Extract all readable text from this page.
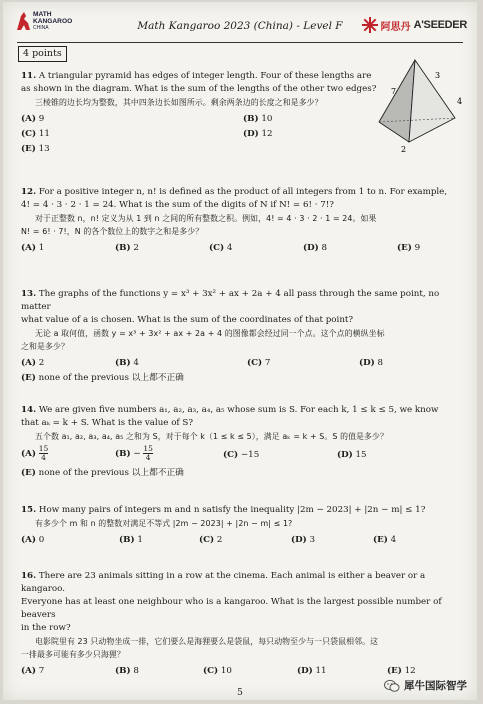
MATH
KANGAROO
CHINA	Math Kangaroo 2023 (China) - Level F	阿思丹 A'SEEDER
4 points
11. A triangular pyramid has edges of integer length. Four of these lengths are
as shown in the diagram. What is the sum of the lengths of the other two edges?
三棱锥的边长均为整数，其中四条边长如图所示。剩余两条边的长度之和是多少？
(A) 9	(B) 10
(C) 11	(D) 12
(E) 13
3
7
4
2
12. For a positive integer n, n! is defined as the product of all integers from 1 to n. For example,
4! = 4 · 3 · 2 · 1 = 24. What is the sum of the digits of N if N! = 6! · 7!?
对于正整数 n，n! 定义为从 1 到 n 之间的所有整数之积。例如，4! = 4 · 3 · 2 · 1 = 24。如果
N! = 6! · 7!，N 的各个数位上的数字之和是多少？
(A) 1	(B) 2	(C) 4	(D) 8	(E) 9
13. The graphs of the functions y = x³ + 3x² + ax + 2a + 4 all pass through the same point, no matter
what value of a is chosen. What is the sum of the coordinates of that point?
无论 a 取何值，函数 y = x³ + 3x² + ax + 2a + 4 的图像都会经过同一个点。这个点的横纵坐标
之和是多少？
(A) 2	(B) 4	(C) 7	(D) 8
(E) none of the previous 以上都不正确
14. We are given five numbers a₁, a₂, a₃, a₄, a₅ whose sum is S. For each k, 1 ≤ k ≤ 5, we know
that aₖ = k + S. What is the value of S?
五个数 a₁, a₂, a₃, a₄, a₅ 之和为 S，对于每个 k（1 ≤ k ≤ 5），满足 aₖ = k + S。S 的值是多少？
$(A) \frac{15}{4}$	$(B) - \frac{15}{4}$	(C) −15	(D) 15
(E) none of the previous 以上都不正确
15. How many pairs of integers m and n satisfy the inequality |2m − 2023| + |2n − m| ≤ 1?
有多少个 m 和 n 的整数对满足不等式 |2m − 2023| + |2n − m| ≤ 1?
(A) 0	(B) 1	(C) 2	(D) 3	(E) 4
16. There are 23 animals sitting in a row at the cinema. Each animal is either a beaver or a kangaroo.
Everyone has at least one neighbour who is a kangaroo. What is the largest possible number of beavers
in the row?
电影院里有 23 只动物坐成一排，它们要么是海狸要么是袋鼠，每只动物至少与一只袋鼠相邻。这
一排最多可能有多少只海狸？
(A) 7	(B) 8	(C) 10	(D) 11	(E) 12
5
犀牛国际智学
